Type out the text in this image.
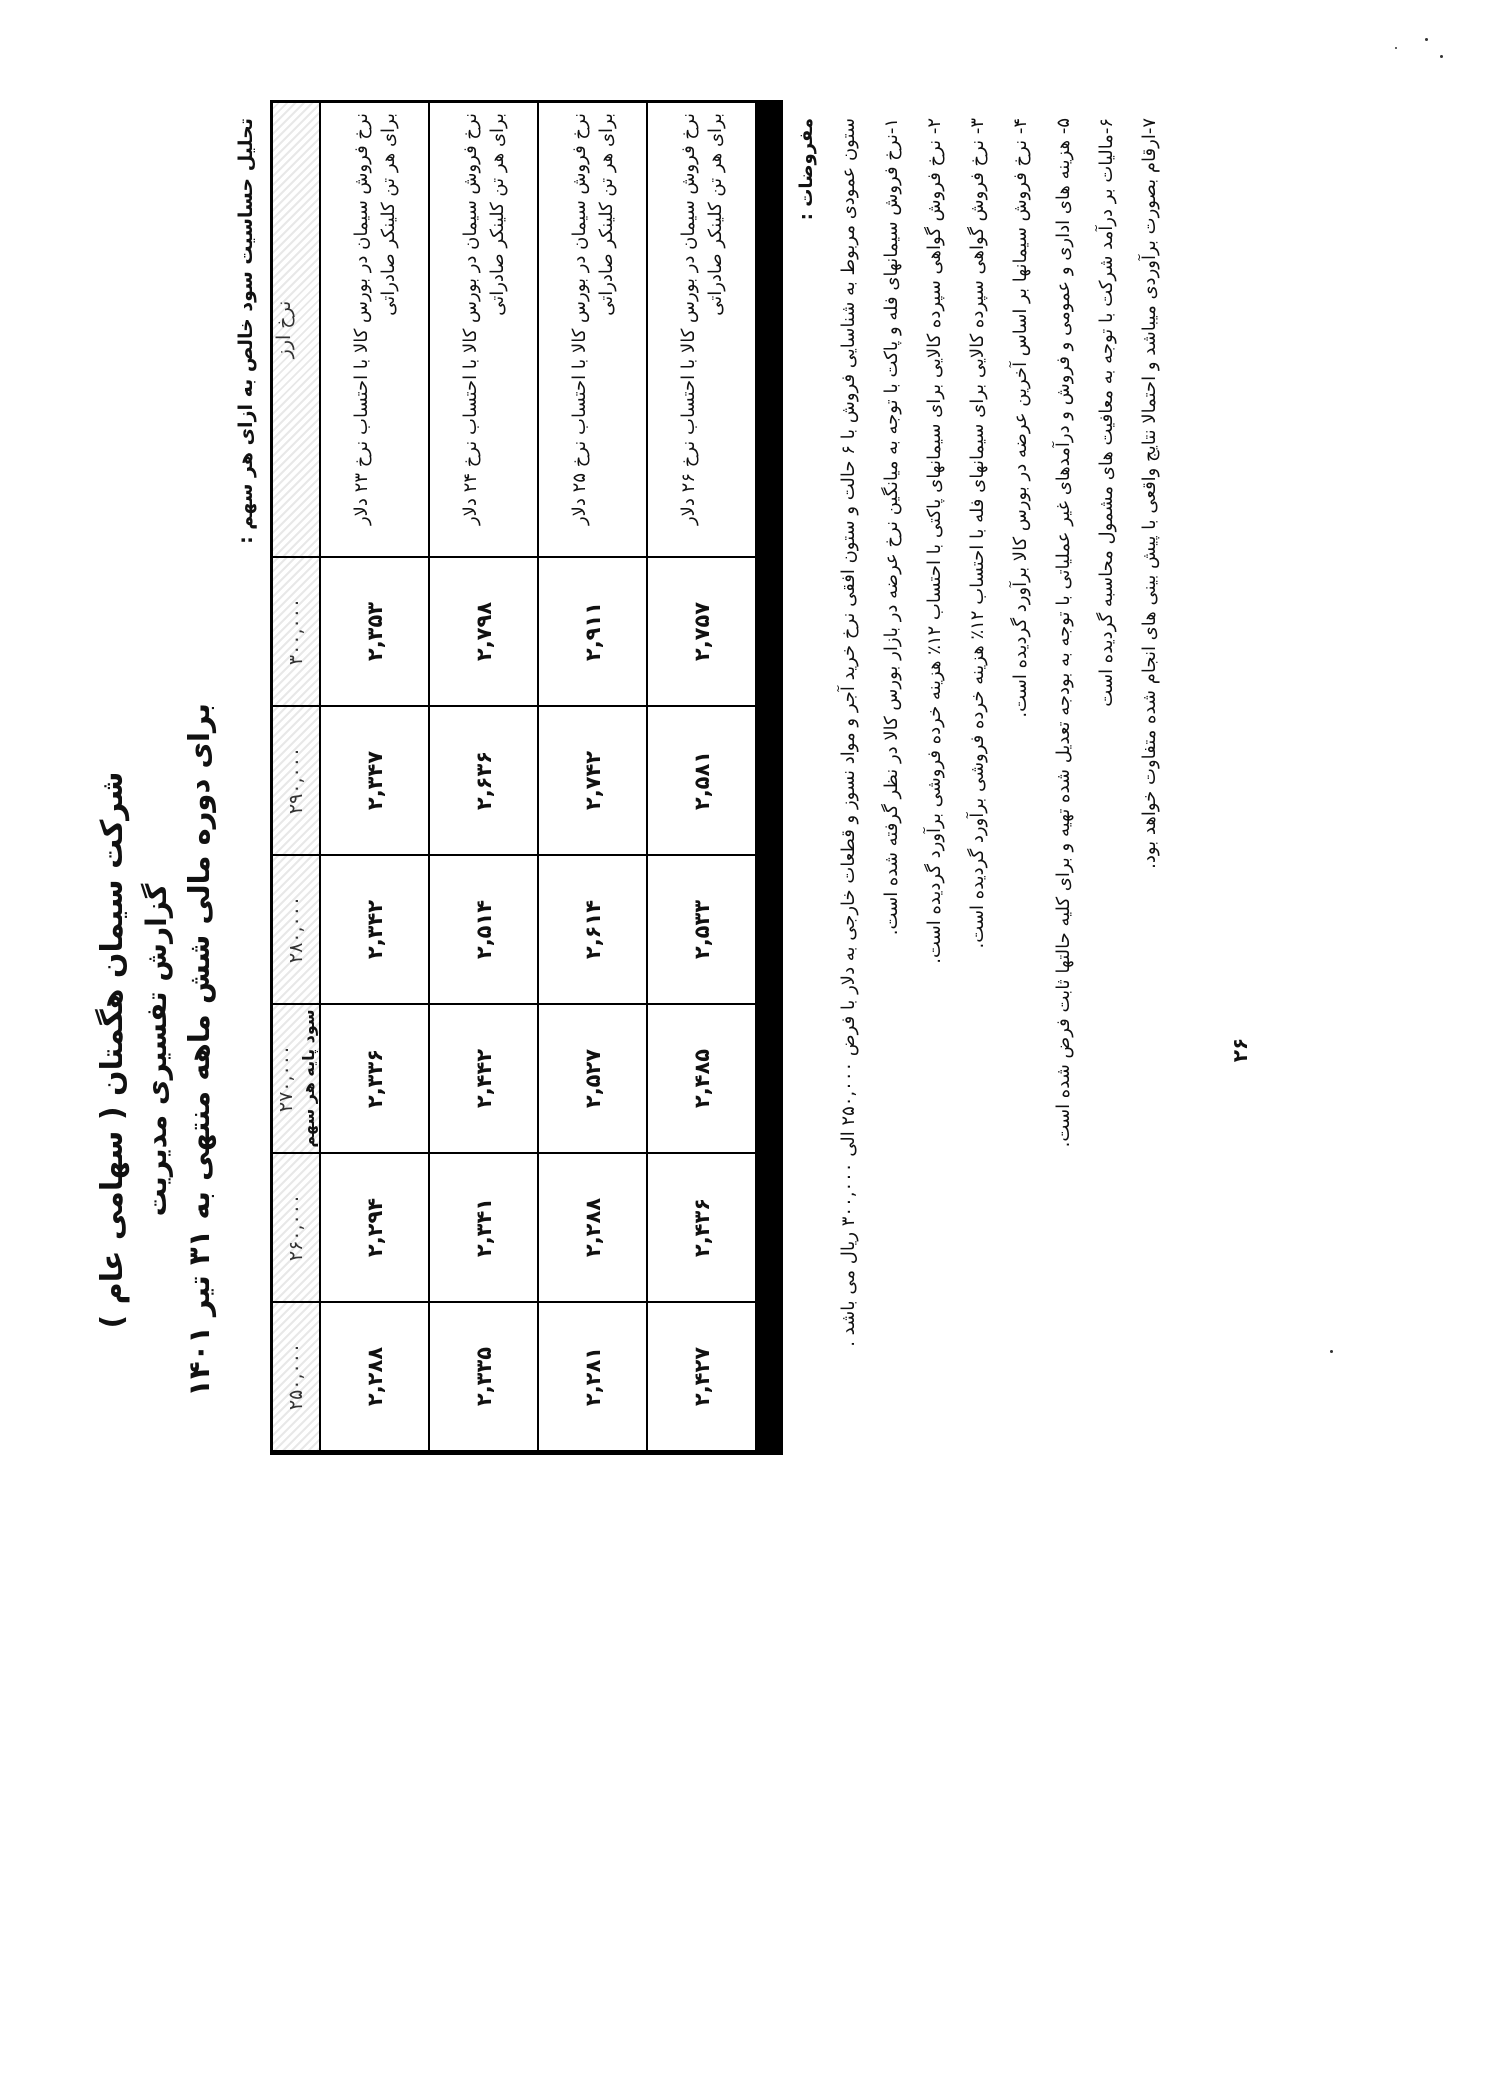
شرکت سیمان هگمتان ( سهامی عام ) گزارش تفسیری مدیریت
برای دوره مالی شش ماهه منتهی به ۳۱ تیر ۱۴۰۱
تحلیل حساسیت سود خالص به ازای هر سهم : نرخ ارز
۳۰۰,۰۰۰
۲۹۰,۰۰۰
۲۸۰,۰۰۰
۲۷۰,۰۰۰ سود پایه هر سهم
۲۶۰,۰۰۰
۲۵۰,۰۰۰
نرخ فروش سیمان در بورس کالا با احتساب نرخ ۲۳ دلار برای هر تن کلینکر صادراتی
۲,۳۵۳
۲,۳۴۷
۲,۳۴۲
۲,۳۳۶
۲,۲۹۴
۲,۲۸۸
نرخ فروش سیمان در بورس کالا با احتساب نرخ ۲۴ دلار برای هر تن کلینکر صادراتی
۲,۷۹۸
۲,۶۳۶
۲,۵۱۴
۲,۴۴۲
۲,۳۴۱
۲,۳۳۵
نرخ فروش سیمان در بورس کالا با احتساب نرخ ۲۵ دلار برای هر تن کلینکر صادراتی
۲,۹۱۱
۲,۷۴۲
۲,۶۱۴
۲,۵۲۷
۲,۲۸۸
۲,۲۸۱
نرخ فروش سیمان در بورس کالا با احتساب نرخ ۲۶ دلار برای هر تن کلینکر صادراتی
۲,۷۵۷
۲,۵۸۱
۲,۵۳۳
۲,۴۸۵
۲,۴۳۶
۲,۴۲۷
مفروضات :
ستون عمودی مربوط به شناسایی فروش با ۶ حالت و ستون افقی نرخ خرید آجر و مواد نسوز و قطعات خارجی به دلار با فرض ۲۵۰,۰۰۰ الی ۳۰۰,۰۰۰ ریال می باشد .	۱-نرخ فروش سیمانهای فله و پاکت با توجه به میانگین نرخ عرضه در بازار بورس کالا در نظر گرفته شده است.
۲- نرخ فروش گواهی سپرده کالایی برای سیمانهای پاکتی با احتساب ۱۲٪ هزینه خرده فروشی برآورد گردیده است.
۳- نرخ فروش گواهی سپرده کالایی برای سیمانهای فله با احتساب ۱۲٪ هزینه خرده فروشی برآورد گردیده است.
۴- نرخ فروش سیمانها بر اساس آخرین عرضه در بورس کالا برآورد گردیده است.
۵- هزینه های اداری و عمومی و فروش و درآمدهای غیر عملیاتی با توجه به بودجه تعدیل شده تهیه و برای کلیه حالتها ثابت فرض شده است.
۶-مالیات بر درآمد شرکت با توجه به معافیت های مشمول محاسبه گردیده است
۷-ارقام بصورت برآوردی میباشد و احتمالا نتایج واقعی با پیش بینی های انجام شده متفاوت خواهد بود.
۲۶
